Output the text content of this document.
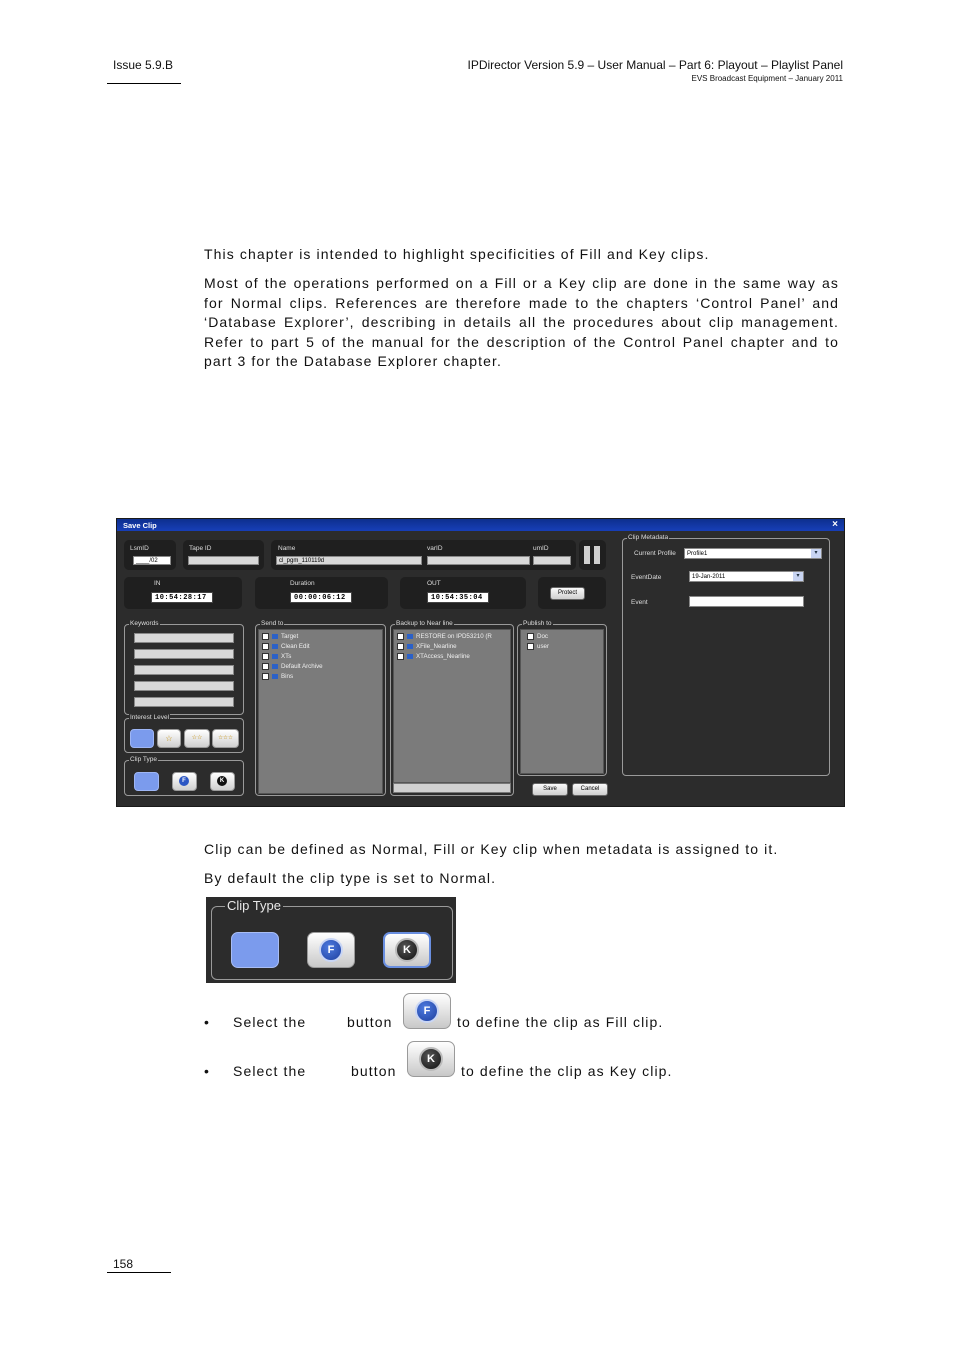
Issue 5.9.B	IPDirector Version 5.9 – User Manual – Part 6: Playout – Playlist Panel
EVS Broadcast Equipment – January 2011
This chapter is intended to highlight specificities of Fill and Key clips.
Most of the operations performed on a Fill or a Key clip are done in the same way as for Normal clips. References are therefore made to the chapters ‘Control Panel’ and ‘Database Explorer’, describing in details all the procedures about clip management. Refer to part 5 of the manual for the description of the Control Panel chapter and to part 3 for the Database Explorer chapter.
Save Clip	×
LsmID
____/02
Tape ID	Name
cl_pgm_110119d
varID	umID
IN
10:54:28:17
Duration
00:00:06:12
OUT
10:54:35:04
Protect
Keywords
Interest Level
☆	☆☆	☆☆☆
Clip Type
F	K
Send to
Target
Clean Edit
XTs
Default Archive
Bins
Backup to Near line
RESTORE on IPD53210 (R
XFile_Nearline
XTAccess_Nearline
Publish to
Doc
user
Save	Cancel
Clip Metadata
Current Profile	Profile1	▾
EventDate	19-Jan-2011	▾
Event
Clip can be defined as Normal, Fill or Key clip when metadata is assigned to it.
By default the clip type is set to Normal.
Clip Type
F	K
• Select the	button
F
to define the clip as Fill clip.
• Select the	button
K
to define the clip as Key clip.
158
